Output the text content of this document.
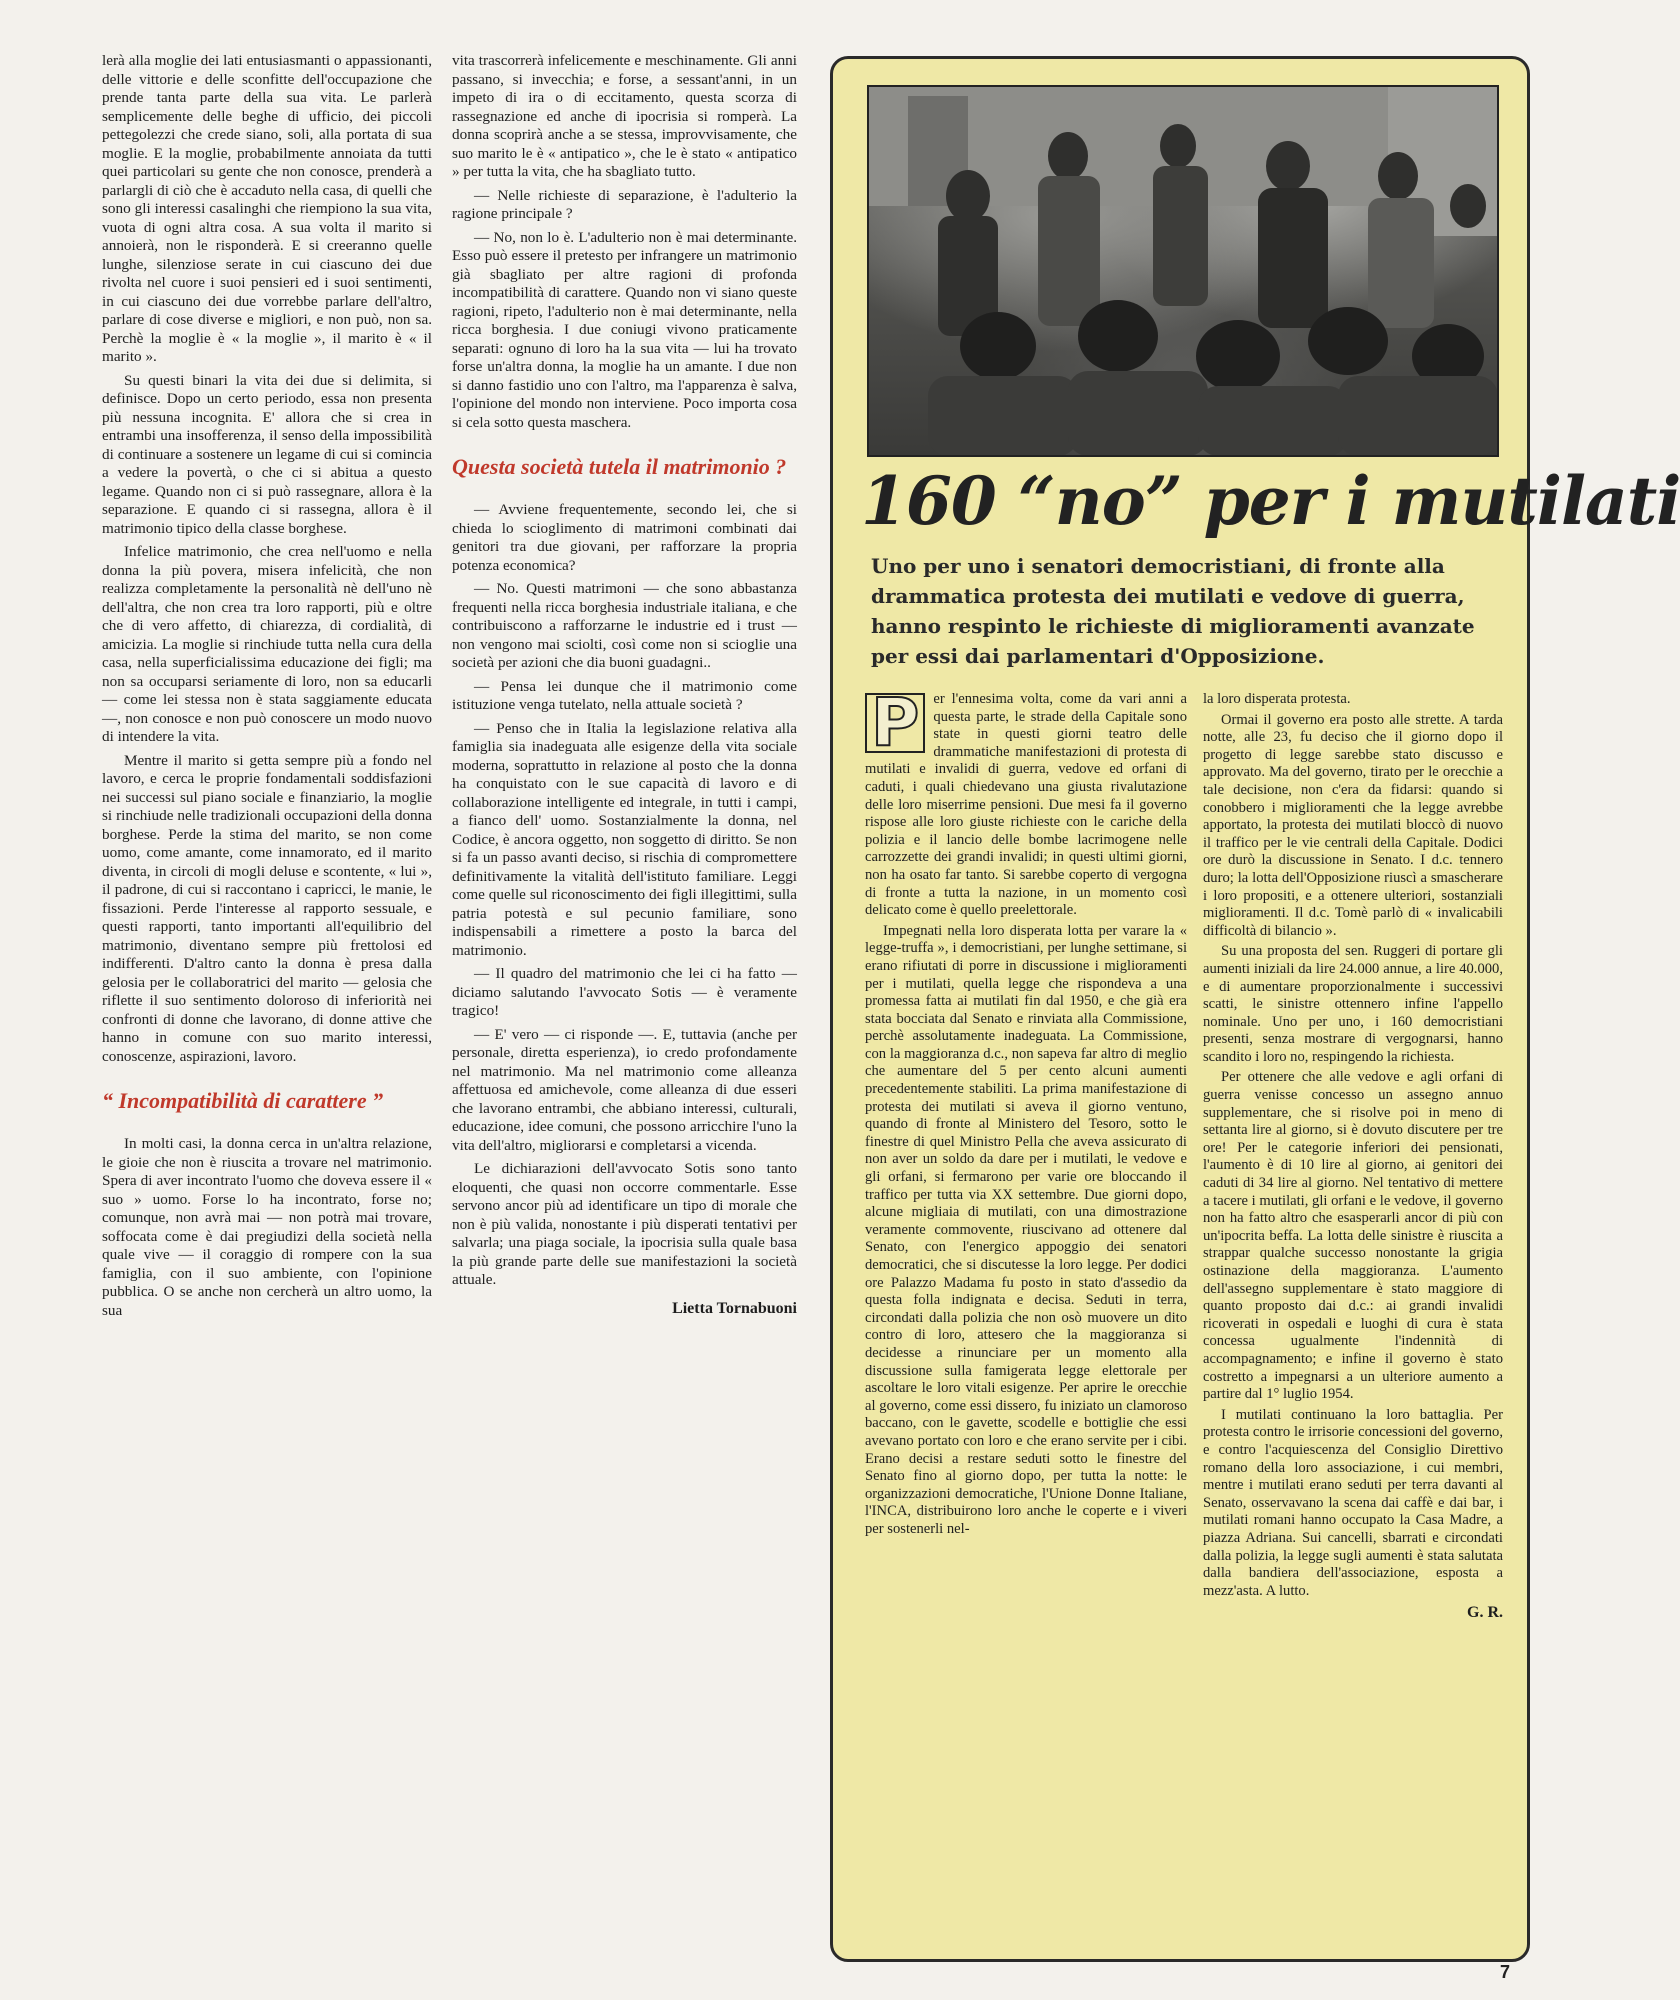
lerà alla moglie dei lati entusiasmanti o appassionanti, delle vittorie e delle sconfitte dell'occupazione che prende tanta parte della sua vita. Le parlerà semplicemente delle beghe di ufficio, dei piccoli pettegolezzi che crede siano, soli, alla portata di sua moglie. E la moglie, probabilmente annoiata da tutti quei particolari su gente che non conosce, prenderà a parlargli di ciò che è accaduto nella casa, di quelli che sono gli interessi casalinghi che riempiono la sua vita, vuota di ogni altra cosa. A sua volta il marito si annoierà, non le risponderà. E si creeranno quelle lunghe, silenziose serate in cui ciascuno dei due rivolta nel cuore i suoi pensieri ed i suoi sentimenti, in cui ciascuno dei due vorrebbe parlare dell'altro, parlare di cose diverse e migliori, e non può, non sa. Perchè la moglie è « la moglie », il marito è « il marito ».

Su questi binari la vita dei due si delimita, si definisce. Dopo un certo periodo, essa non presenta più nessuna incognita. E' allora che si crea in entrambi una insofferenza, il senso della impossibilità di continuare a sostenere un legame di cui si comincia a vedere la povertà, o che ci si abitua a questo legame. Quando non ci si può rassegnare, allora è la separazione. E quando ci si rassegna, allora è il matrimonio tipico della classe borghese.

Infelice matrimonio, che crea nell'uomo e nella donna la più povera, misera infelicità, che non realizza completamente la personalità nè dell'uno nè dell'altra, che non crea tra loro rapporti, più e oltre che di vero affetto, di chiarezza, di cordialità, di amicizia. La moglie si rinchiude tutta nella cura della casa, nella superficialissima educazione dei figli; ma non sa occuparsi seriamente di loro, non sa educarli — come lei stessa non è stata saggiamente educata —, non conosce e non può conoscere un modo nuovo di intendere la vita.

Mentre il marito si getta sempre più a fondo nel lavoro, e cerca le proprie fondamentali soddisfazioni nei successi sul piano sociale e finanziario, la moglie si rinchiude nelle tradizionali occupazioni della donna borghese. Perde la stima del marito, se non come uomo, come amante, come innamorato, ed il marito diventa, in circoli di mogli deluse e scontente, « lui », il padrone, di cui si raccontano i capricci, le manie, le fissazioni. Perde l'interesse al rapporto sessuale, e questi rapporti, tanto importanti all'equilibrio del matrimonio, diventano sempre più frettolosi ed indifferenti. D'altro canto la donna è presa dalla gelosia per le collaboratrici del marito — gelosia che riflette il suo sentimento doloroso di inferiorità nei confronti di donne che lavorano, di donne attive che hanno in comune con suo marito interessi, conoscenze, aspirazioni, lavoro.

“ Incompatibilità di carattere ”

In molti casi, la donna cerca in un'altra relazione, le gioie che non è riuscita a trovare nel matrimonio. Spera di aver incontrato l'uomo che doveva essere il « suo » uomo. Forse lo ha incontrato, forse no; comunque, non avrà mai — non potrà mai trovare, soffocata come è dai pregiudizi della società nella quale vive — il coraggio di rompere con la sua famiglia, con il suo ambiente, con l'opinione pubblica. O se anche non cercherà un altro uomo, la sua

vita trascorrerà infelicemente e meschinamente. Gli anni passano, si invecchia; e forse, a sessant'anni, in un impeto di ira o di eccitamento, questa scorza di rassegnazione ed anche di ipocrisia si romperà. La donna scoprirà anche a se stessa, improvvisamente, che suo marito le è « antipatico », che le è stato « antipatico » per tutta la vita, che ha sbagliato tutto.

— Nelle richieste di separazione, è l'adulterio la ragione principale ?

— No, non lo è. L'adulterio non è mai determinante. Esso può essere il pretesto per infrangere un matrimonio già sbagliato per altre ragioni di profonda incompatibilità di carattere. Quando non vi siano queste ragioni, ripeto, l'adulterio non è mai determinante, nella ricca borghesia. I due coniugi vivono praticamente separati: ognuno di loro ha la sua vita — lui ha trovato forse un'altra donna, la moglie ha un amante. I due non si danno fastidio uno con l'altro, ma l'apparenza è salva, l'opinione del mondo non interviene. Poco importa cosa si cela sotto questa maschera.

Questa società tutela il matrimonio ?

— Avviene frequentemente, secondo lei, che si chieda lo scioglimento di matrimoni combinati dai genitori tra due giovani, per rafforzare la propria potenza economica?

— No. Questi matrimoni — che sono abbastanza frequenti nella ricca borghesia industriale italiana, e che contribuiscono a rafforzarne le industrie ed i trust — non vengono mai sciolti, così come non si scioglie una società per azioni che dia buoni guadagni..

— Pensa lei dunque che il matrimonio come istituzione venga tutelato, nella attuale società ?

— Penso che in Italia la legislazione relativa alla famiglia sia inadeguata alle esigenze della vita sociale moderna, soprattutto in relazione al posto che la donna ha conquistato con le sue capacità di lavoro e di collaborazione intelligente ed integrale, in tutti i campi, a fianco dell' uomo. Sostanzialmente la donna, nel Codice, è ancora oggetto, non soggetto di diritto. Se non si fa un passo avanti deciso, si rischia di compromettere definitivamente la vitalità dell'istituto familiare. Leggi come quelle sul riconoscimento dei figli illegittimi, sulla patria potestà e sul pecunio familiare, sono indispensabili a rimettere a posto la barca del matrimonio.

— Il quadro del matrimonio che lei ci ha fatto — diciamo salutando l'avvocato Sotis — è veramente tragico!

— E' vero — ci risponde —. E, tuttavia (anche per personale, diretta esperienza), io credo profondamente nel matrimonio. Ma nel matrimonio come alleanza affettuosa ed amichevole, come alleanza di due esseri che lavorano entrambi, che abbiano interessi, culturali, educazione, idee comuni, che possono arricchire l'uno la vita dell'altro, migliorarsi e completarsi a vicenda.

Le dichiarazioni dell'avvocato Sotis sono tanto eloquenti, che quasi non occorre commentarle. Esse servono ancor più ad identificare un tipo di morale che non è più valida, nonostante i più disperati tentativi per salvarla; una piaga sociale, la ipocrisia sulla quale basa la più grande parte delle sue manifestazioni la società attuale.

Lietta Tornabuoni
160 “no” per i mutilati
Uno per uno i senatori democristiani, di fronte alla drammatica protesta dei mutilati e vedove di guerra, hanno respinto le richieste di miglioramenti avanzate per essi dai parlamentari d'Opposizione.

P er l'ennesima volta, come da vari anni a questa parte, le strade della Capitale sono state in questi giorni teatro delle drammatiche manifestazioni di protesta di mutilati e invalidi di guerra, vedove ed orfani di caduti, i quali chiedevano una giusta rivalutazione delle loro miserrime pensioni. Due mesi fa il governo rispose alle loro giuste richieste con le cariche della polizia e il lancio delle bombe lacrimogene nelle carrozzette dei grandi invalidi; in questi ultimi giorni, non ha osato far tanto. Si sarebbe coperto di vergogna di fronte a tutta la nazione, in un momento così delicato come è quello preelettorale.

Impegnati nella loro disperata lotta per varare la « legge-truffa », i democristiani, per lunghe settimane, si erano rifiutati di porre in discussione i miglioramenti per i mutilati, quella legge che rispondeva a una promessa fatta ai mutilati fin dal 1950, e che già era stata bocciata dal Senato e rinviata alla Commissione, perchè assolutamente inadeguata. La Commissione, con la maggioranza d.c., non sapeva far altro di meglio che aumentare del 5 per cento alcuni aumenti precedentemente stabiliti. La prima manifestazione di protesta dei mutilati si aveva il giorno ventuno, quando di fronte al Ministero del Tesoro, sotto le finestre di quel Ministro Pella che aveva assicurato di non aver un soldo da dare per i mutilati, le vedove e gli orfani, si fermarono per varie ore bloccando il traffico per tutta via XX settembre. Due giorni dopo, alcune migliaia di mutilati, con una dimostrazione veramente commovente, riuscivano ad ottenere dal Senato, con l'energico appoggio dei senatori democratici, che si discutesse la loro legge. Per dodici ore Palazzo Madama fu posto in stato d'assedio da questa folla indignata e decisa. Seduti in terra, circondati dalla polizia che non osò muovere un dito contro di loro, attesero che la maggioranza si decidesse a rinunciare per un momento alla discussione sulla famigerata legge elettorale per ascoltare le loro vitali esigenze. Per aprire le orecchie al governo, come essi dissero, fu iniziato un clamoroso baccano, con le gavette, scodelle e bottiglie che essi avevano portato con loro e che erano servite per i cibi. Erano decisi a restare seduti sotto le finestre del Senato fino al giorno dopo, per tutta la notte: le organizzazioni democratiche, l'Unione Donne Italiane, l'INCA, distribuirono loro anche le coperte e i viveri per sostenerli nel-

la loro disperata protesta.

Ormai il governo era posto alle strette. A tarda notte, alle 23, fu deciso che il giorno dopo il progetto di legge sarebbe stato discusso e approvato. Ma del governo, tirato per le orecchie a tale decisione, non c'era da fidarsi: quando si conobbero i miglioramenti che la legge avrebbe apportato, la protesta dei mutilati bloccò di nuovo il traffico per le vie centrali della Capitale. Dodici ore durò la discussione in Senato. I d.c. tennero duro; la lotta dell'Opposizione riuscì a smascherare i loro propositi, e a ottenere ulteriori, sostanziali miglioramenti. Il d.c. Tomè parlò di « invalicabili difficoltà di bilancio ».

Su una proposta del sen. Ruggeri di portare gli aumenti iniziali da lire 24.000 annue, a lire 40.000, e di aumentare proporzionalmente i successivi scatti, le sinistre ottennero infine l'appello nominale. Uno per uno, i 160 democristiani presenti, senza mostrare di vergognarsi, hanno scandito i loro no, respingendo la richiesta.

Per ottenere che alle vedove e agli orfani di guerra venisse concesso un assegno annuo supplementare, che si risolve poi in meno di settanta lire al giorno, si è dovuto discutere per tre ore! Per le categorie inferiori dei pensionati, l'aumento è di 10 lire al giorno, ai genitori dei caduti di 34 lire al giorno. Nel tentativo di mettere a tacere i mutilati, gli orfani e le vedove, il governo non ha fatto altro che esasperarli ancor di più con un'ipocrita beffa. La lotta delle sinistre è riuscita a strappar qualche successo nonostante la grigia ostinazione della maggioranza. L'aumento dell'assegno supplementare è stato maggiore di quanto proposto dai d.c.: ai grandi invalidi ricoverati in ospedali e luoghi di cura è stata concessa ugualmente l'indennità di accompagnamento; e infine il governo è stato costretto a impegnarsi a un ulteriore aumento a partire dal 1° luglio 1954.

I mutilati continuano la loro battaglia. Per protesta contro le irrisorie concessioni del governo, e contro l'acquiescenza del Consiglio Direttivo romano della loro associazione, i cui membri, mentre i mutilati erano seduti per terra davanti al Senato, osservavano la scena dai caffè e dai bar, i mutilati romani hanno occupato la Casa Madre, a piazza Adriana. Sui cancelli, sbarrati e circondati dalla polizia, la legge sugli aumenti è stata salutata dalla bandiera dell'associazione, esposta a mezz'asta. A lutto.

G. R.
7
